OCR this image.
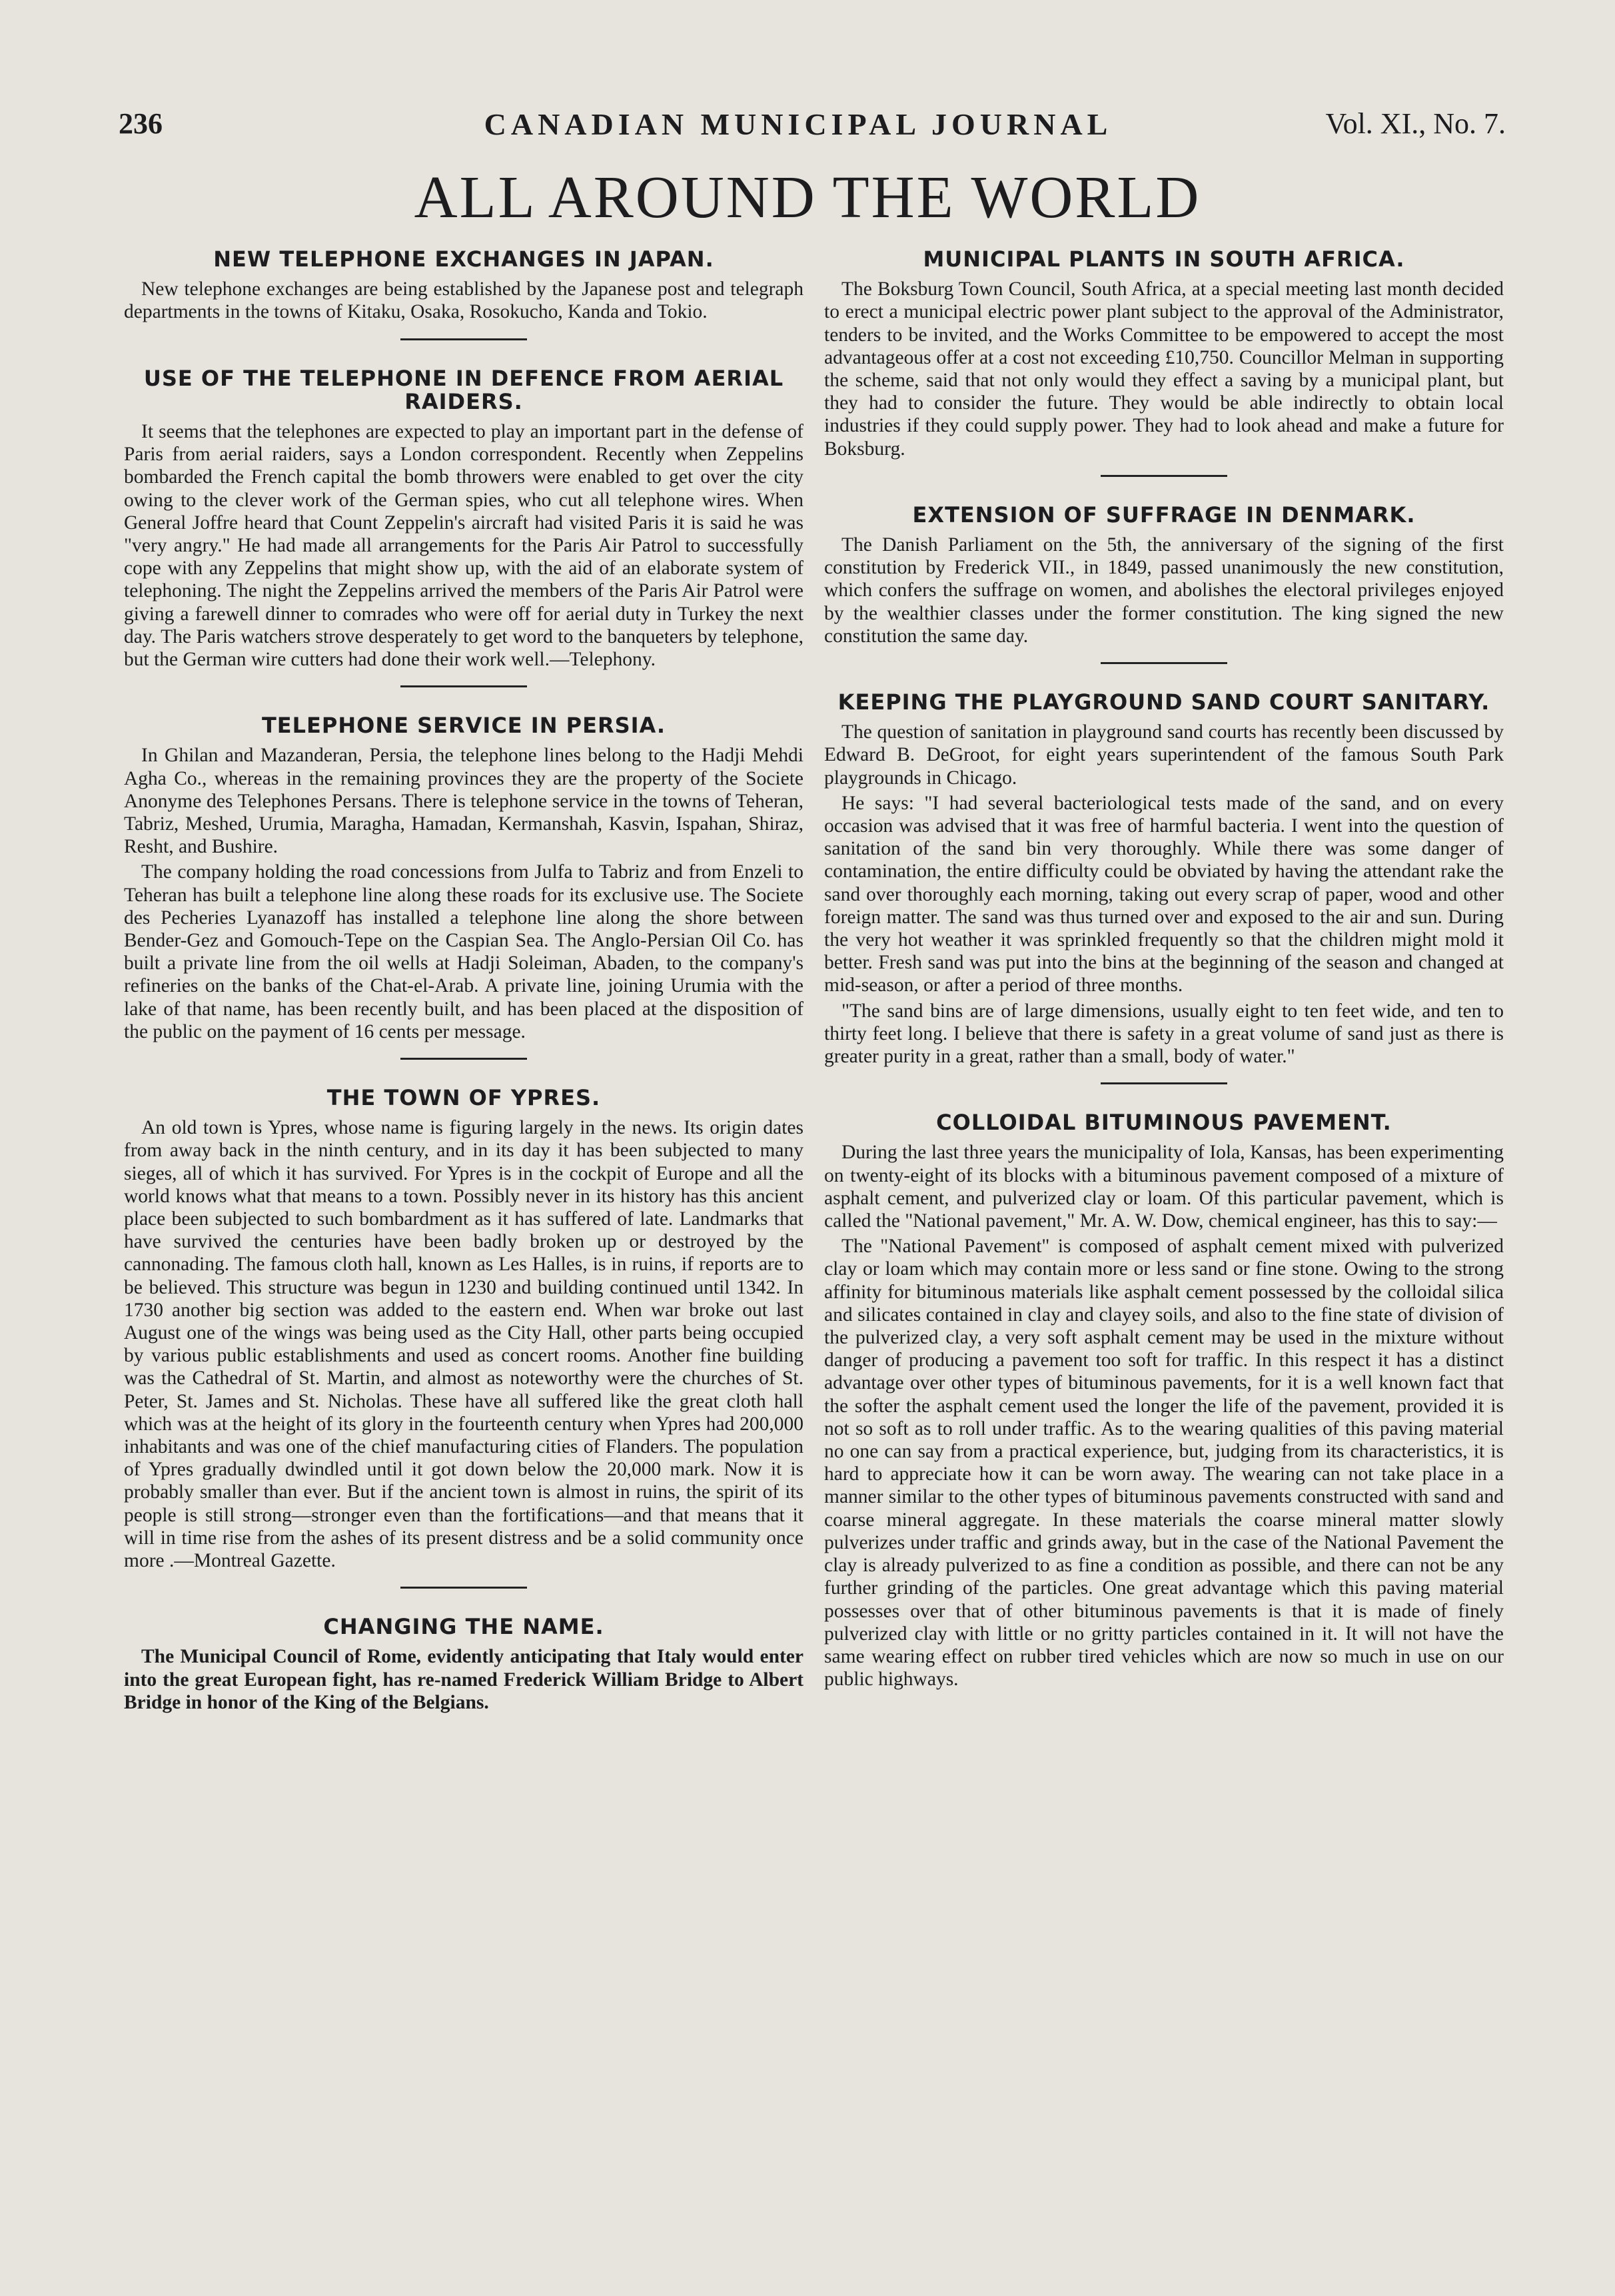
236	CANADIAN MUNICIPAL JOURNAL	Vol. XI., No. 7.
ALL AROUND THE WORLD
NEW TELEPHONE EXCHANGES IN JAPAN.

New telephone exchanges are being established by the Japanese post and telegraph departments in the towns of Kitaku, Osaka, Rosokucho, Kanda and Tokio.

USE OF THE TELEPHONE IN DEFENCE FROM AERIAL RAIDERS.

It seems that the telephones are expected to play an important part in the defense of Paris from aerial raiders, says a London correspondent. Recently when Zeppelins bombarded the French capital the bomb throwers were enabled to get over the city owing to the clever work of the German spies, who cut all telephone wires. When General Joffre heard that Count Zeppelin's aircraft had visited Paris it is said he was "very angry." He had made all arrangements for the Paris Air Patrol to successfully cope with any Zeppelins that might show up, with the aid of an elaborate system of telephoning. The night the Zeppelins arrived the members of the Paris Air Patrol were giving a farewell dinner to comrades who were off for aerial duty in Turkey the next day. The Paris watchers strove desperately to get word to the banqueters by telephone, but the German wire cutters had done their work well.—Telephony.

TELEPHONE SERVICE IN PERSIA.

In Ghilan and Mazanderan, Persia, the telephone lines belong to the Hadji Mehdi Agha Co., whereas in the remaining provinces they are the property of the Societe Anonyme des Telephones Persans. There is telephone service in the towns of Teheran, Tabriz, Meshed, Urumia, Maragha, Hamadan, Kermanshah, Kasvin, Ispahan, Shiraz, Resht, and Bushire.

The company holding the road concessions from Julfa to Tabriz and from Enzeli to Teheran has built a telephone line along these roads for its exclusive use. The Societe des Pecheries Lyanazoff has installed a telephone line along the shore between Bender-Gez and Gomouch-Tepe on the Caspian Sea. The Anglo-Persian Oil Co. has built a private line from the oil wells at Hadji Soleiman, Abaden, to the company's refineries on the banks of the Chat-el-Arab. A private line, joining Urumia with the lake of that name, has been recently built, and has been placed at the disposition of the public on the payment of 16 cents per message.

THE TOWN OF YPRES.

An old town is Ypres, whose name is figuring largely in the news. Its origin dates from away back in the ninth century, and in its day it has been subjected to many sieges, all of which it has survived. For Ypres is in the cockpit of Europe and all the world knows what that means to a town. Possibly never in its history has this ancient place been subjected to such bombardment as it has suffered of late. Landmarks that have survived the centuries have been badly broken up or destroyed by the cannonading. The famous cloth hall, known as Les Halles, is in ruins, if reports are to be believed. This structure was begun in 1230 and building continued until 1342. In 1730 another big section was added to the eastern end. When war broke out last August one of the wings was being used as the City Hall, other parts being occupied by various public establishments and used as concert rooms. Another fine building was the Cathedral of St. Martin, and almost as noteworthy were the churches of St. Peter, St. James and St. Nicholas. These have all suffered like the great cloth hall which was at the height of its glory in the fourteenth century when Ypres had 200,000 inhabitants and was one of the chief manufacturing cities of Flanders. The population of Ypres gradually dwindled until it got down below the 20,000 mark. Now it is probably smaller than ever. But if the ancient town is almost in ruins, the spirit of its people is still strong—stronger even than the fortifications—and that means that it will in time rise from the ashes of its present distress and be a solid community once more .—Montreal Gazette.

CHANGING THE NAME.

The Municipal Council of Rome, evidently anticipating that Italy would enter into the great European fight, has re-named Frederick William Bridge to Albert Bridge in honor of the King of the Belgians.

MUNICIPAL PLANTS IN SOUTH AFRICA.

The Boksburg Town Council, South Africa, at a special meeting last month decided to erect a municipal electric power plant subject to the approval of the Administrator, tenders to be invited, and the Works Committee to be empowered to accept the most advantageous offer at a cost not exceeding £10,750. Councillor Melman in supporting the scheme, said that not only would they effect a saving by a municipal plant, but they had to consider the future. They would be able indirectly to obtain local industries if they could supply power. They had to look ahead and make a future for Boksburg.

EXTENSION OF SUFFRAGE IN DENMARK.

The Danish Parliament on the 5th, the anniversary of the signing of the first constitution by Frederick VII., in 1849, passed unanimously the new constitution, which confers the suffrage on women, and abolishes the electoral privileges enjoyed by the wealthier classes under the former constitution. The king signed the new constitution the same day.

KEEPING THE PLAYGROUND SAND COURT SANITARY.

The question of sanitation in playground sand courts has recently been discussed by Edward B. DeGroot, for eight years superintendent of the famous South Park playgrounds in Chicago.

He says: "I had several bacteriological tests made of the sand, and on every occasion was advised that it was free of harmful bacteria. I went into the question of sanitation of the sand bin very thoroughly. While there was some danger of contamination, the entire difficulty could be obviated by having the attendant rake the sand over thoroughly each morning, taking out every scrap of paper, wood and other foreign matter. The sand was thus turned over and exposed to the air and sun. During the very hot weather it was sprinkled frequently so that the children might mold it better. Fresh sand was put into the bins at the beginning of the season and changed at mid-season, or after a period of three months.

"The sand bins are of large dimensions, usually eight to ten feet wide, and ten to thirty feet long. I believe that there is safety in a great volume of sand just as there is greater purity in a great, rather than a small, body of water."

COLLOIDAL BITUMINOUS PAVEMENT.

During the last three years the municipality of Iola, Kansas, has been experimenting on twenty-eight of its blocks with a bituminous pavement composed of a mixture of asphalt cement, and pulverized clay or loam. Of this particular pavement, which is called the "National pavement," Mr. A. W. Dow, chemical engineer, has this to say:—

The "National Pavement" is composed of asphalt cement mixed with pulverized clay or loam which may contain more or less sand or fine stone. Owing to the strong affinity for bituminous materials like asphalt cement possessed by the colloidal silica and silicates contained in clay and clayey soils, and also to the fine state of division of the pulverized clay, a very soft asphalt cement may be used in the mixture without danger of producing a pavement too soft for traffic. In this respect it has a distinct advantage over other types of bituminous pavements, for it is a well known fact that the softer the asphalt cement used the longer the life of the pavement, provided it is not so soft as to roll under traffic. As to the wearing qualities of this paving material no one can say from a practical experience, but, judging from its characteristics, it is hard to appreciate how it can be worn away. The wearing can not take place in a manner similar to the other types of bituminous pavements constructed with sand and coarse mineral aggregate. In these materials the coarse mineral matter slowly pulverizes under traffic and grinds away, but in the case of the National Pavement the clay is already pulverized to as fine a condition as possible, and there can not be any further grinding of the particles. One great advantage which this paving material possesses over that of other bituminous pavements is that it is made of finely pulverized clay with little or no gritty particles contained in it. It will not have the same wearing effect on rubber tired vehicles which are now so much in use on our public highways.
